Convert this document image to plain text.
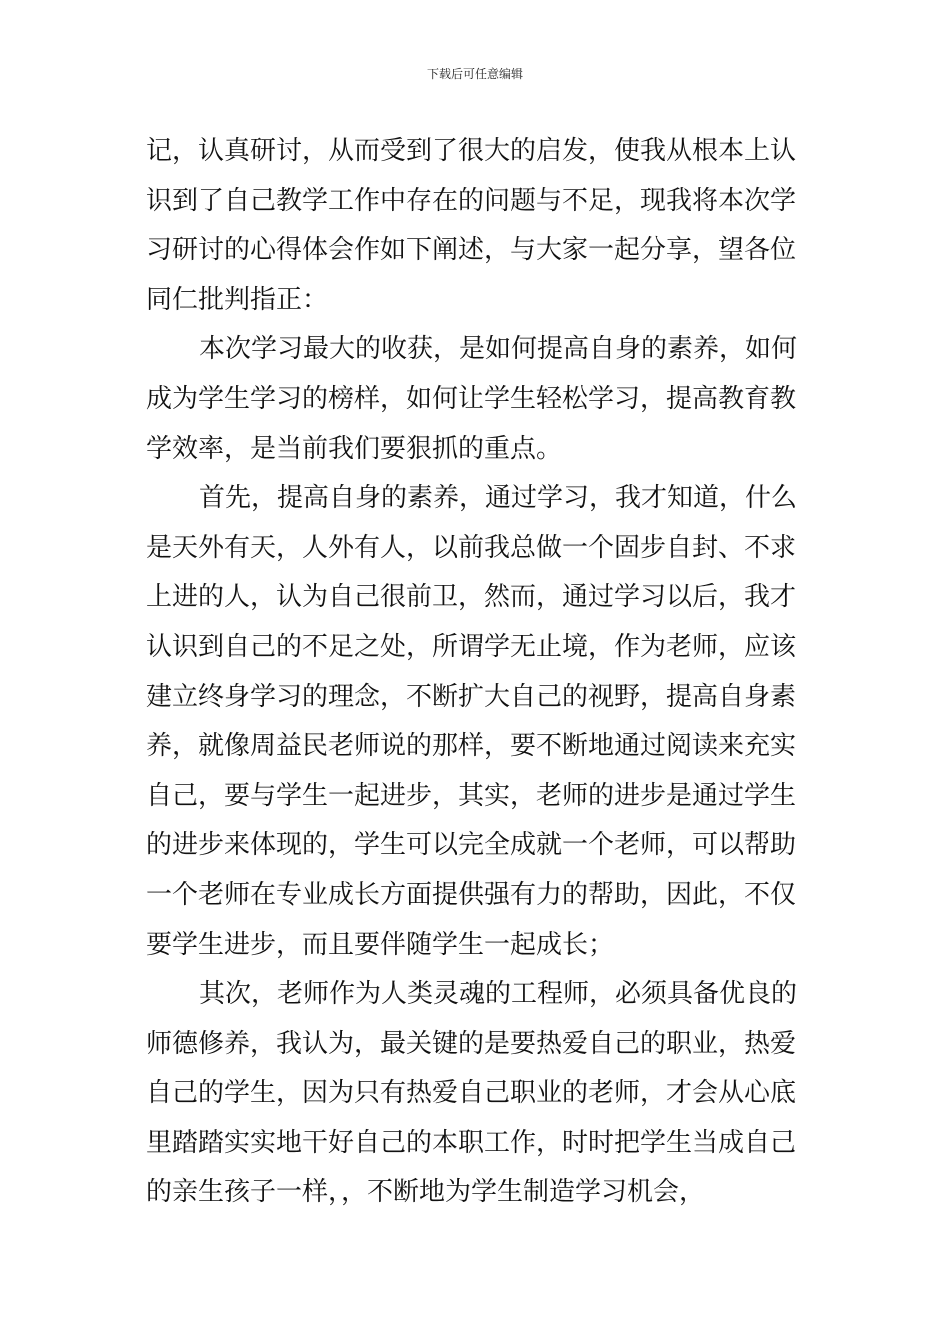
下载后可任意编辑
记，认真研讨，从而受到了很大的启发，使我从根本上认
识到了自己教学工作中存在的问题与不足，现我将本次学
习研讨的心得体会作如下阐述，与大家一起分享，望各位
同仁批判指正：
本次学习最大的收获，是如何提高自身的素养，如何
成为学生学习的榜样，如何让学生轻松学习，提高教育教
学效率，是当前我们要狠抓的重点。
首先，提高自身的素养，通过学习，我才知道，什么
是天外有天，人外有人，以前我总做一个固步自封、不求
上进的人，认为自己很前卫，然而，通过学习以后，我才
认识到自己的不足之处，所谓学无止境，作为老师，应该
建立终身学习的理念，不断扩大自己的视野，提高自身素
养，就像周益民老师说的那样，要不断地通过阅读来充实
自己，要与学生一起进步，其实，老师的进步是通过学生
的进步来体现的，学生可以完全成就一个老师，可以帮助
一个老师在专业成长方面提供强有力的帮助，因此，不仅
要学生进步，而且要伴随学生一起成长；
其次，老师作为人类灵魂的工程师，必须具备优良的
师德修养，我认为，最关键的是要热爱自己的职业，热爱
自己的学生，因为只有热爱自己职业的老师，才会从心底
里踏踏实实地干好自己的本职工作，时时把学生当成自己
的亲生孩子一样，，不断地为学生制造学习机会，
